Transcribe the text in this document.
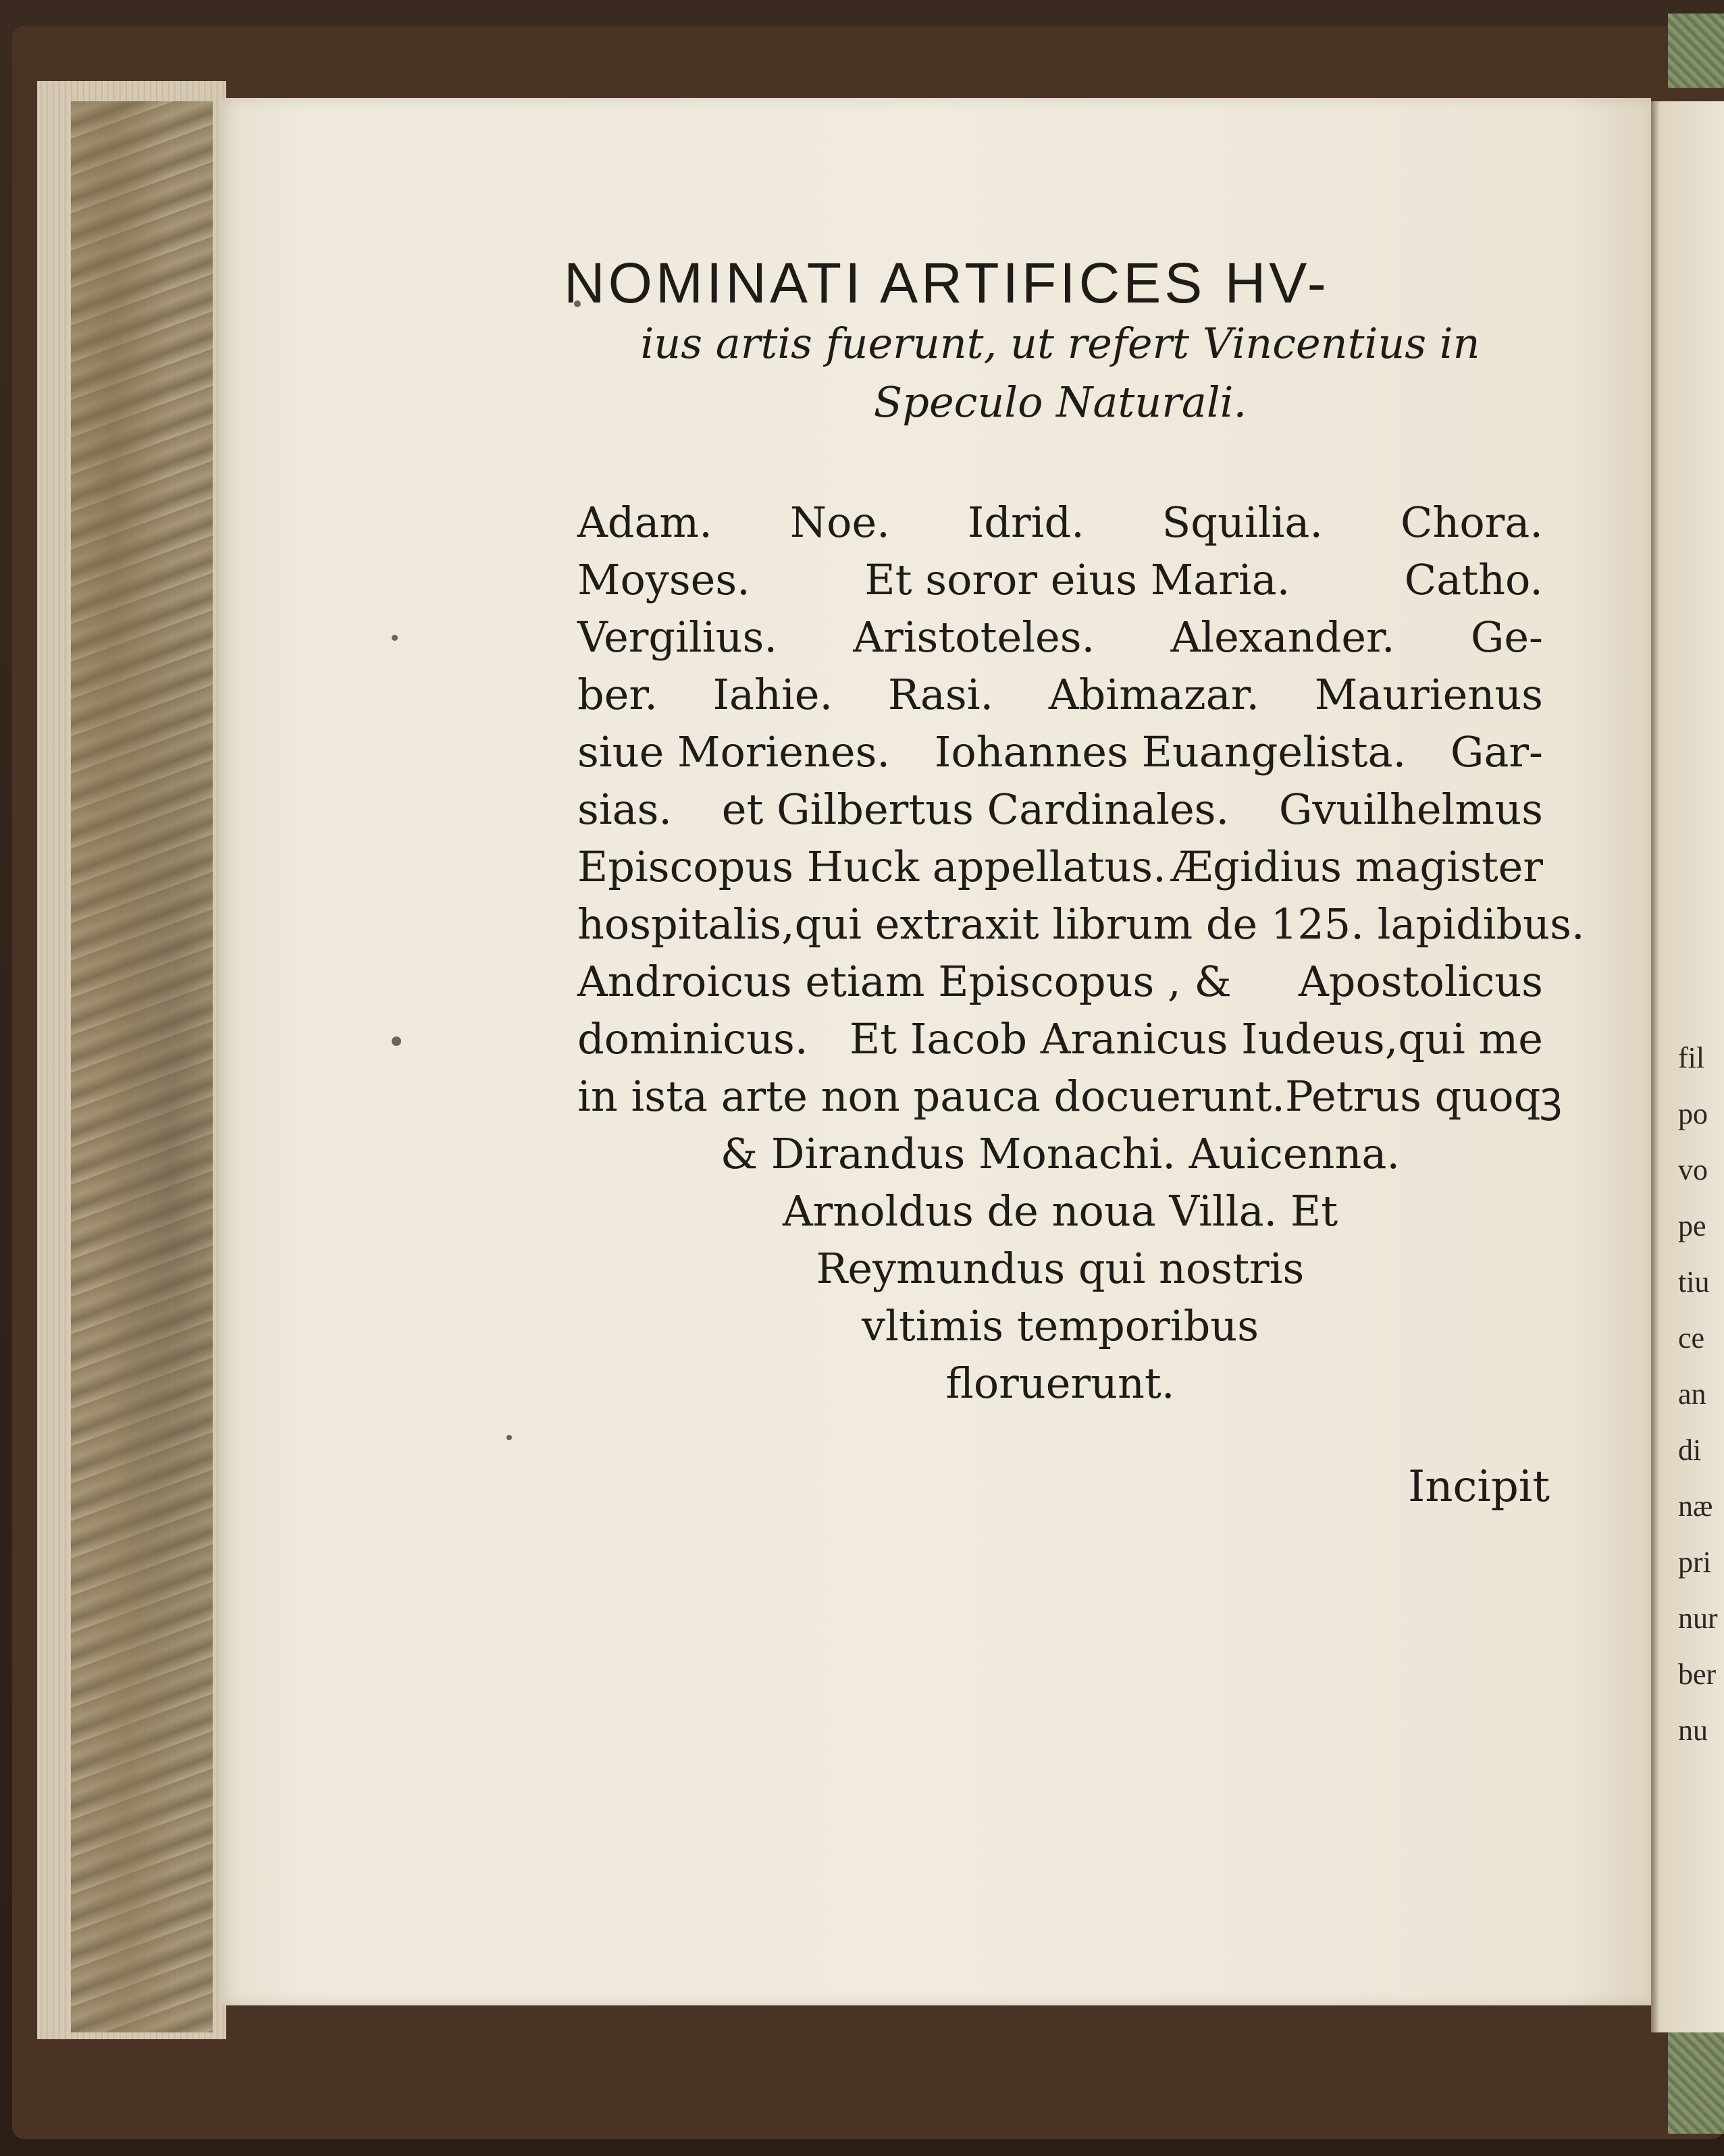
fil
po
vo
pe
tiu
ce
an
di
næ
pri
nur
ber
nu
NOMINATI ARTIFICES HV-
ius artis fuerunt, ut refert Vincentius in
Speculo Naturali.
Adam. Noe. Idrid. Squilia. Chora.
Moyses.	Et soror eius Maria.	Catho.
Vergilius. Aristoteles. Alexander. Ge-
ber. Iahie. Rasi. Abimazar. Maurienus
siue Morienes. Iohannes Euangelista. Gar-
sias. et Gilbertus Cardinales. Gvuilhelmus
Episcopus Huck appellatus. Ægidius magister
hospitalis,qui extraxit librum de 125. lapidibus.
Androicus etiam Episcopus , & Apostolicus
dominicus. Et Iacob Aranicus Iudeus,qui me
in ista arte non pauca docuerunt. Petrus quoqꝫ
& Dirandus Monachi. Auicenna.
Arnoldus de noua Villa. Et
Reymundus qui nostris
vltimis temporibus
floruerunt.
Incipit
